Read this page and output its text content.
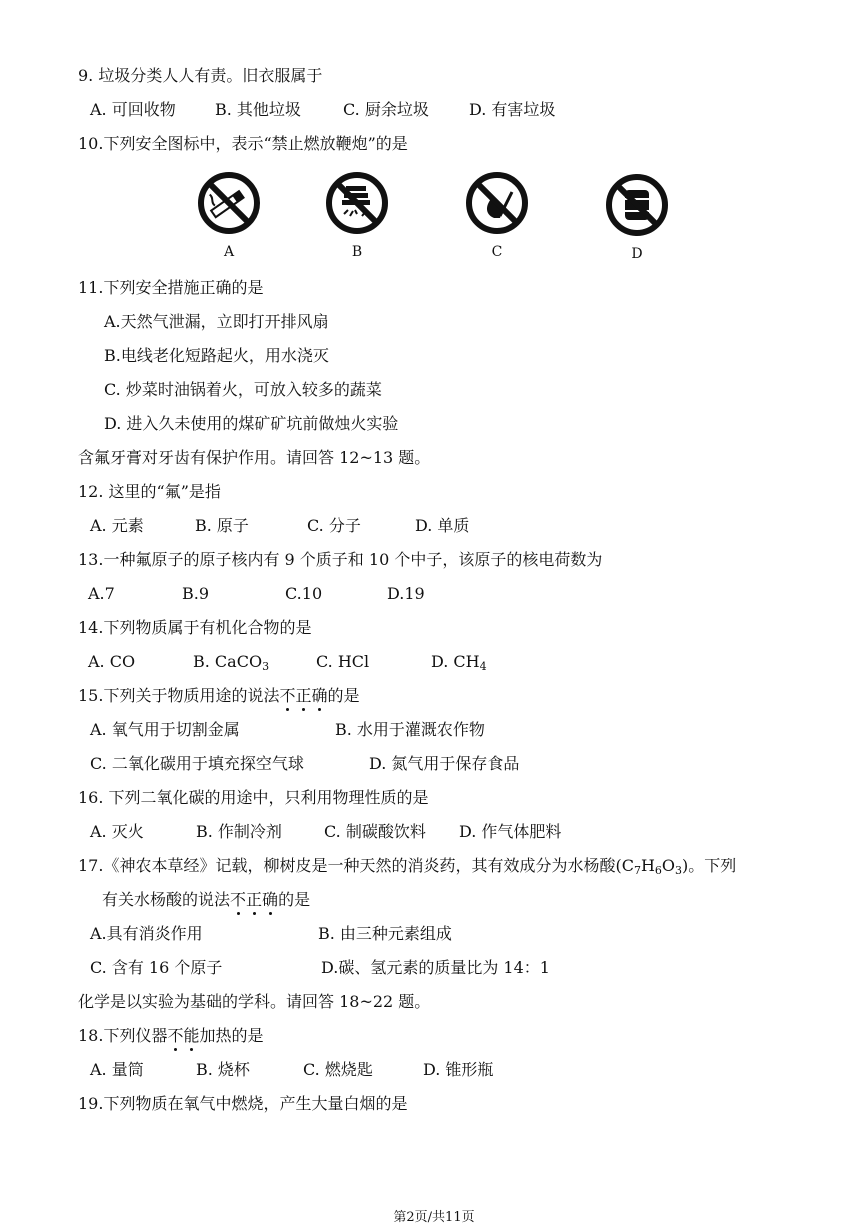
9. 垃圾分类人人有责。旧衣服属于
A. 可回收物 B. 其他垃圾	C. 厨余垃圾	D. 有害垃圾
10.下列安全图标中，表示“禁止燃放鞭炮”的是
A	B	C	D
11.下列安全措施正确的是
A.天然气泄漏，立即打开排风扇
B.电线老化短路起火，用水浇灭
C. 炒菜时油锅着火，可放入较多的蔬菜
D. 进入久未使用的煤矿矿坑前做烛火实验
含氟牙膏对牙齿有保护作用。请回答 12~13 题。
12. 这里的“氟”是指
A. 元素	B. 原子	C. 分子	D. 单质
13.一种氟原子的原子核内有 9 个质子和 10 个中子，该原子的核电荷数为
A.7	B.9	C.10	D.19
14.下列物质属于有机化合物的是
A. CO	B. CaCO$_3$	C. HCl	D. $CH_4$
15.下列关于物质用途的说法不正确的是
A. 氧气用于切割金属	B. 水用于灌溉农作物
C. 二氧化碳用于填充探空气球	D. 氮气用于保存食品
16. 下列二氧化碳的用途中，只利用物理性质的是
A. 灭火	B. 作制冷剂	C. 制碳酸饮料 D. 作气体肥料
17.《神农本草经》记载，柳树皮是一种天然的消炎药，其有效成分为水杨酸$(C_7H_6O_3)$。下列
有关水杨酸的说法不正确的是
A.具有消炎作用	B. 由三种元素组成
C. 含有 16 个原子	D.碳、氢元素的质量比为 14：1
化学是以实验为基础的学科。请回答 18~22 题。
18.下列仪器不能加热的是
A. 量筒	B. 烧杯	C. 燃烧匙	D. 锥形瓶
19.下列物质在氧气中燃烧，产生大量白烟的是
第2页/共11页
